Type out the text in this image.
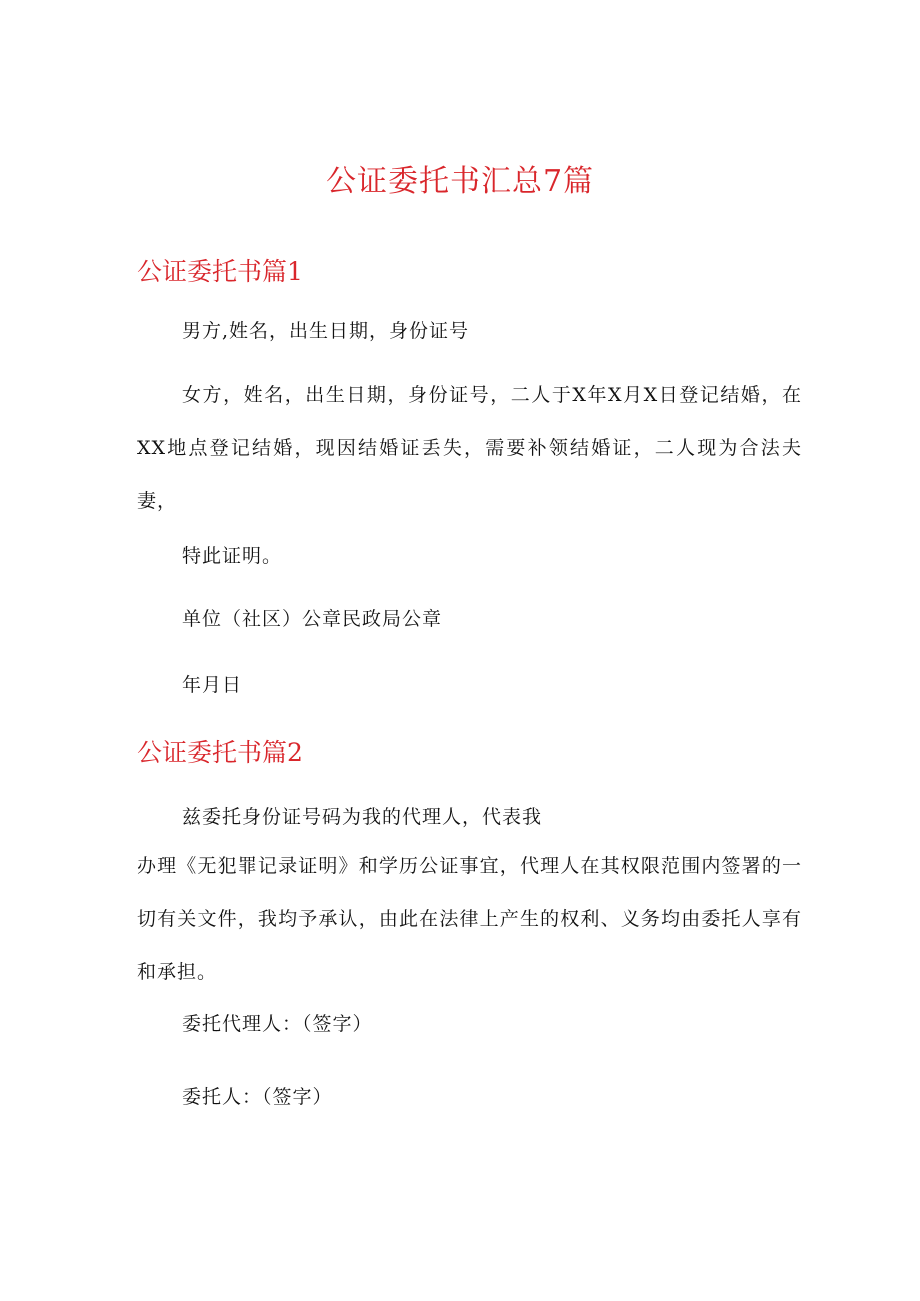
公证委托书汇总7篇
公证委托书篇1

男方,姓名，出生日期，身份证号

女方，姓名，出生日期，身份证号，二人于X年X月X日登记结婚，在XX地点登记结婚，现因结婚证丢失，需要补领结婚证，二人现为合法夫妻，

特此证明。

单位（社区）公章民政局公章

年月日

公证委托书篇2

兹委托身份证号码为我的代理人，代表我

办理《无犯罪记录证明》和学历公证事宜，代理人在其权限范围内签署的一切有关文件，我均予承认，由此在法律上产生的权利、义务均由委托人享有和承担。

委托代理人：（签字）

委托人：（签字）
